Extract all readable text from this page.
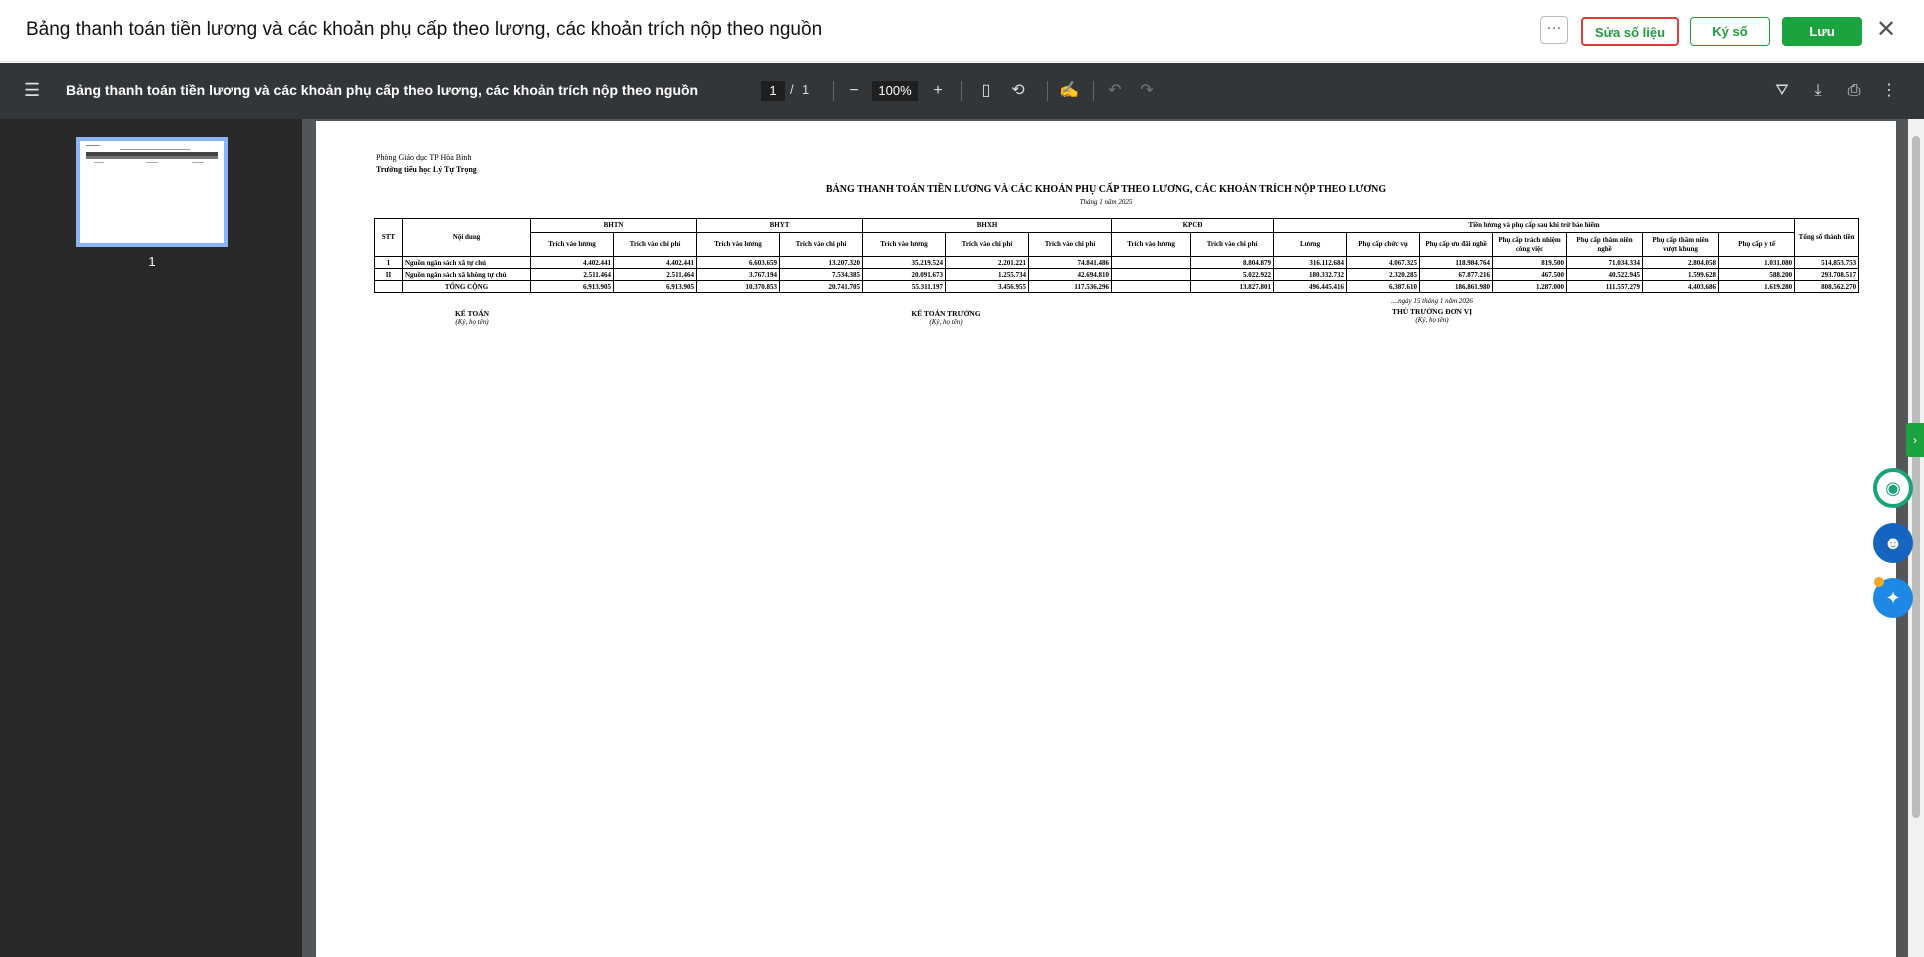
Bảng thanh toán tiền lương và các khoản phụ cấp theo lương, các khoản trích nộp theo nguồn	···	Sửa số liệu	Ký số	Lưu	✕
☰ Bảng thanh toán tiền lương và các khoản phụ cấp theo lương, các khoản trích nộp theo nguồn	1	/ 1	−	100%	+	▯	⟲ ✍ ↶ ↷	⛛	⤓	⎙ ⋮
1
Phòng Giáo dục TP Hòa Bình
Trường tiểu học Lý Tự Trọng
BẢNG THANH TOÁN TIỀN LƯƠNG VÀ CÁC KHOẢN PHỤ CẤP THEO LƯƠNG, CÁC KHOẢN TRÍCH NỘP THEO LƯƠNG
Tháng 1 năm 2025
STT	Nội dung	BHTN		BHYT		BHXH			KPCĐ		Tiền lương và phụ cấp sau khi trừ bảo hiểm							Tổng số thành tiền
		Trích vào lương	Trích vào chi phí	Trích vào lương	Trích vào chi phí	Trích vào lương	Trích vào chi phí	Trích vào chi phí	Trích vào lương	Trích vào chi phí	Lương	Phụ cấp chức vụ	Phụ cấp ưu đãi nghề	Phụ cấp trách nhiệm công việc	Phụ cấp thâm niên nghề	Phụ cấp thâm niên vượt khung	Phụ cấp y tế	
I	Nguồn ngân sách xã tự chủ	4.402.441	4.402.441	6.603.659	13.207.320	35.219.524	2.201.221	74.841.486		8.804.879	316.112.684	4.067.325	118.984.764	819.500	71.034.334	2.804.058	1.031.080	514.853.753
II	Nguồn ngân sách xã không tự chủ	2.511.464	2.511.464	3.767.194	7.534.385	20.091.673	1.255.734	42.694.810		5.022.922	180.332.732	2.320.285	67.877.216	467.500	40.522.945	1.599.628	588.200	293.708.517
	TỔNG CỘNG	6.913.905	6.913.905	10.370.853	20.741.705	55.311.197	3.456.955	117.536.296		13.827.801	496.445.416	6.387.610	186.861.980	1.287.000	111.557.279	4.403.686	1.619.280	808.562.270
....ngày 15 tháng 1 năm 2026
KẾ TOÁN
(Ký, họ tên)
KẾ TOÁN TRƯỞNG
(Ký, họ tên)
THỦ TRƯỞNG ĐƠN VỊ
(Ký, họ tên)
›
◉
☻
✦
